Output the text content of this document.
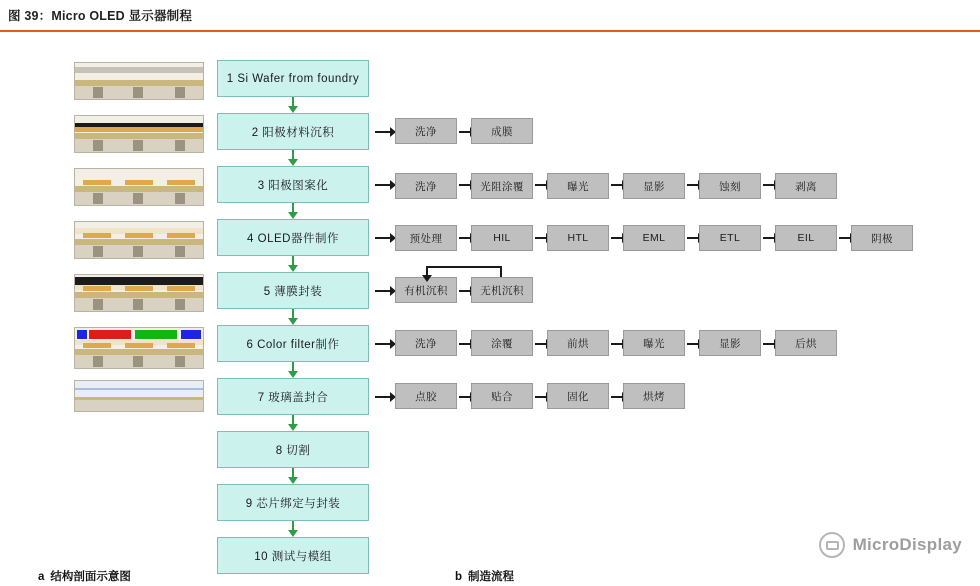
图 39：Micro OLED 显示器制程
1 Si Wafer from foundry
2 阳极材料沉积
3 阳极图案化
4 OLED器件制作
5 薄膜封装
6 Color filter制作
7 玻璃盖封合
8 切割
9 芯片绑定与封装
10 测试与模组
洗净	成膜
洗净	光阻涂覆	曝光	显影	蚀刻	剥离
预处理	HIL	HTL	EML	ETL	EIL	阴极
有机沉积	无机沉积
洗净	涂覆	前烘	曝光	显影	后烘
点胶	贴合	固化	烘烤
a 结构剖面示意图	b 制造流程
MicroDisplay
